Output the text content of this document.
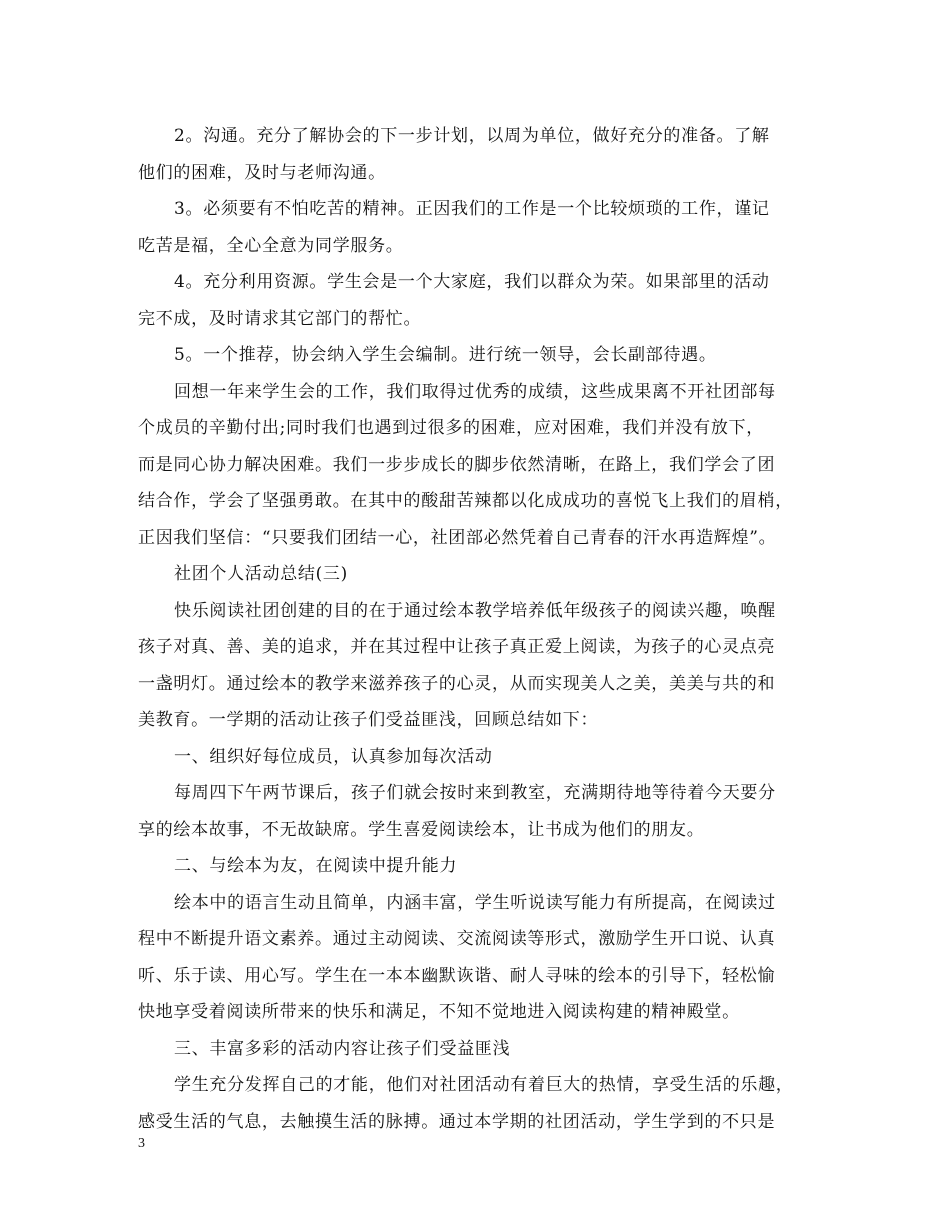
2。沟通。充分了解协会的下一步计划，以周为单位，做好充分的准备。了解
他们的困难，及时与老师沟通。
3。必须要有不怕吃苦的精神。正因我们的工作是一个比较烦琐的工作，谨记
吃苦是福，全心全意为同学服务。
4。充分利用资源。学生会是一个大家庭，我们以群众为荣。如果部里的活动
完不成，及时请求其它部门的帮忙。
5。一个推荐，协会纳入学生会编制。进行统一领导，会长副部待遇。
回想一年来学生会的工作，我们取得过优秀的成绩，这些成果离不开社团部每
个成员的辛勤付出;同时我们也遇到过很多的困难，应对困难，我们并没有放下，
而是同心协力解决困难。我们一步步成长的脚步依然清晰，在路上，我们学会了团
结合作，学会了坚强勇敢。在其中的酸甜苦辣都以化成成功的喜悦飞上我们的眉梢，
正因我们坚信：“只要我们团结一心，社团部必然凭着自己青春的汗水再造辉煌”。
社团个人活动总结(三)
快乐阅读社团创建的目的在于通过绘本教学培养低年级孩子的阅读兴趣，唤醒
孩子对真、善、美的追求，并在其过程中让孩子真正爱上阅读，为孩子的心灵点亮
一盏明灯。通过绘本的教学来滋养孩子的心灵，从而实现美人之美，美美与共的和
美教育。一学期的活动让孩子们受益匪浅，回顾总结如下：
一、组织好每位成员，认真参加每次活动
每周四下午两节课后，孩子们就会按时来到教室，充满期待地等待着今天要分
享的绘本故事，不无故缺席。学生喜爱阅读绘本，让书成为他们的朋友。
二、与绘本为友，在阅读中提升能力
绘本中的语言生动且简单，内涵丰富，学生听说读写能力有所提高，在阅读过
程中不断提升语文素养。通过主动阅读、交流阅读等形式，激励学生开口说、认真
听、乐于读、用心写。学生在一本本幽默诙谐、耐人寻味的绘本的引导下，轻松愉
快地享受着阅读所带来的快乐和满足，不知不觉地进入阅读构建的精神殿堂。
三、丰富多彩的活动内容让孩子们受益匪浅
学生充分发挥自己的才能，他们对社团活动有着巨大的热情，享受生活的乐趣，
感受生活的气息，去触摸生活的脉搏。通过本学期的社团活动，学生学到的不只是
3
